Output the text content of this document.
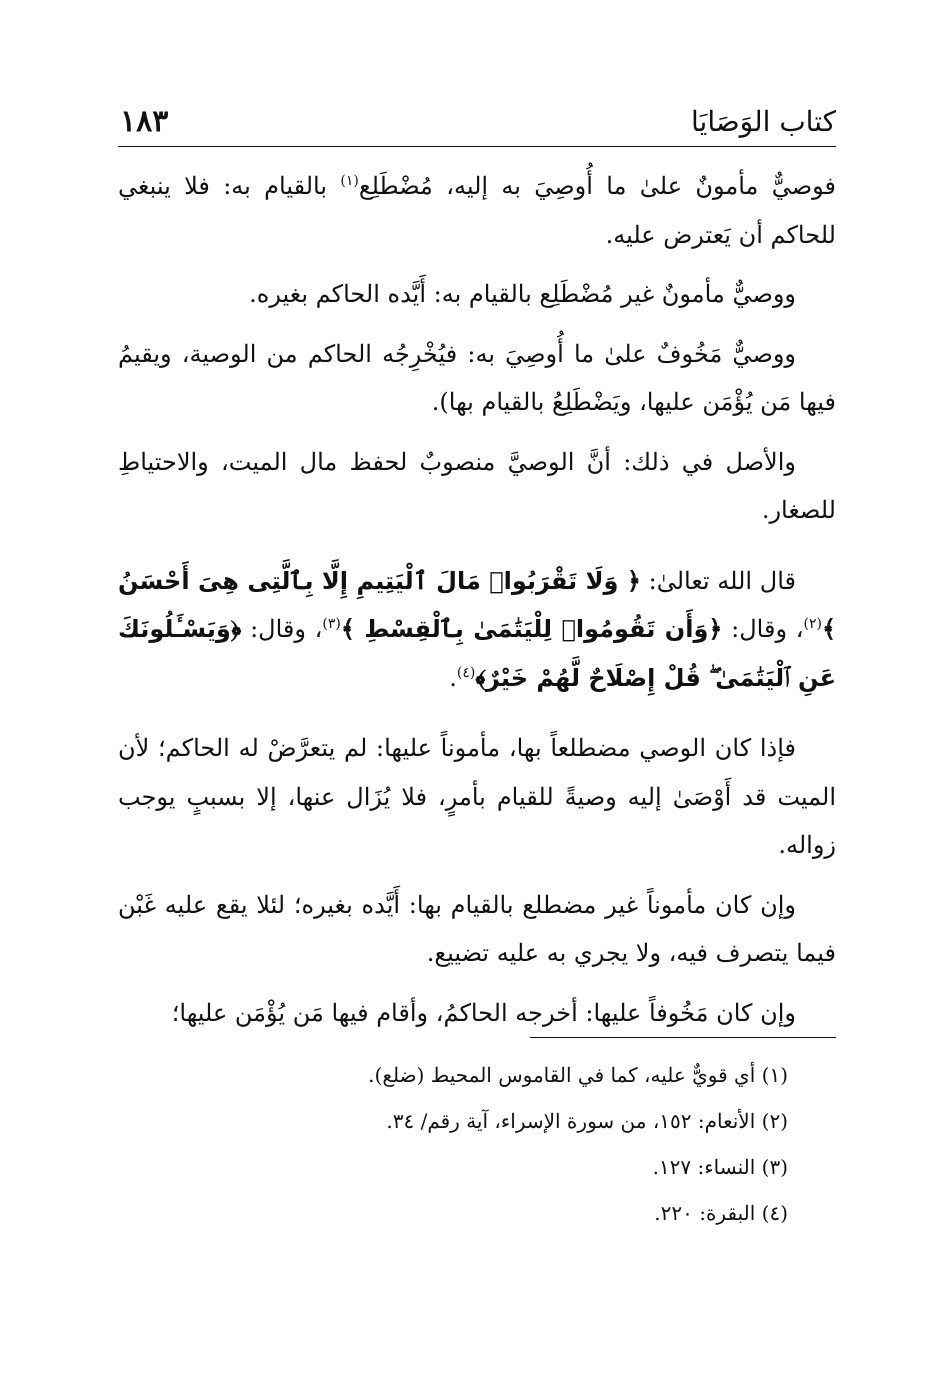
كتاب الوَصَايَا
١٨٣

فوصيٌّ مأمونٌ علىٰ ما أُوصِيَ به إليه، مُضْطَلِع$^{(١)}$ بالقيام به: فلا ينبغي للحاكم أن يَعترض عليه.

ووصيٌّ مأمونٌ غير مُضْطَلِع بالقيام به: أَيَّده الحاكم بغيره.

ووصيٌّ مَخُوفٌ علىٰ ما أُوصِيَ به: فيُخْرِجُه الحاكم من الوصية، ويقيمُ فيها مَن يُؤْمَن عليها، ويَضْطَلِعُ بالقيام بها).

والأصل في ذلك: أنَّ الوصيَّ منصوبٌ لحفظ مال الميت، والاحتياطِ للصغار.

قال الله تعالىٰ: ﴿ وَلَا تَقْرَبُوا۟ مَالَ ٱلْيَتِيمِ إِلَّا بِٱلَّتِى هِىَ أَحْسَنُ ﴾$^{(٢)}$، وقال: ﴿وَأَن تَقُومُوا۟ لِلْيَتَٰمَىٰ بِٱلْقِسْطِ ﴾$^{(٣)}$، وقال: ﴿وَيَسْـَٔلُونَكَ عَنِ ٱلْيَتَٰمَىٰ ۖ قُلْ إِصْلَاحٌ لَّهُمْ خَيْرٌ﴾$^{(٤)}$.

فإذا كان الوصي مضطلعاً بها، مأموناً عليها: لم يتعرَّضْ له الحاكم؛ لأن الميت قد أَوْصَىٰ إليه وصيةً للقيام بأمرٍ، فلا يُزَال عنها، إلا بسببٍ يوجب زواله.

وإن كان مأموناً غير مضطلع بالقيام بها: أَيَّده بغيره؛ لئلا يقع عليه غَبْن فيما يتصرف فيه، ولا يجري به عليه تضييع.

وإن كان مَخُوفاً عليها: أخرجه الحاكمُ، وأقام فيها مَن يُؤْمَن عليها؛

(١) أي قويٌّ عليه، كما في القاموس المحيط (ضلع).
(٢) الأنعام: ١٥٢، من سورة الإسراء، آية رقم/ ٣٤.
(٣) النساء: ١٢٧.
(٤) البقرة: ٢٢٠.
